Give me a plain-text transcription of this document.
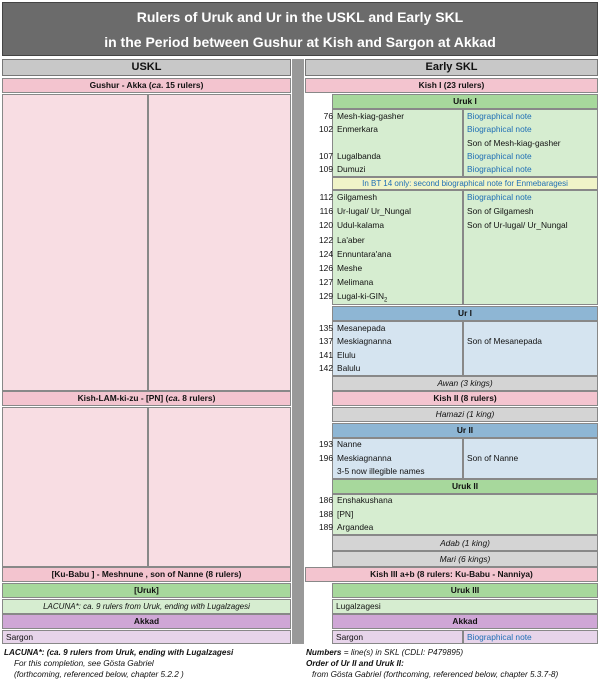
Rulers of Uruk and Ur in the USKL and Early SKL
in the Period between Gushur at Kish and Sargon at Akkad
USKL	Early SKL
Gushur - Akka (ca. 15 rulers)
Kish-LAM-ki-zu - [PN] (ca. 8 rulers)
[Ku-Babu ] - Meshnune , son of Nanne (8 rulers)
[Uruk]
LACUNA*: ca. 9 rulers from Uruk, ending with Lugalzagesi
Akkad
Sargon
Kish I (23 rulers)
Uruk I
76 Mesh-kiag-gasher	Biographical note
102 Enmerkara	Biographical note
Son of Mesh-kiag-gasher
107 Lugalbanda	Biographical note
109 Dumuzi	Biographical note
In BT 14 only: second biographical note for Enmebaragesi
112 Gilgamesh	Biographical note
116 Ur-lugal/ Ur_Nungal	Son of Gilgamesh
120 Udul-kalama	Son of Ur-lugal/ Ur_Nungal
122 La'aber
124 Ennuntara'ana
126 Meshe
127 Melimana
129 Lugal-$ki-GIN_2$
Ur I
135 Mesanepada
137 Meskiagnanna	Son of Mesanepada
141 Elulu
142 Balulu
Awan (3 kings)
Kish II (8 rulers)
Hamazi (1 king)
Ur II
193 Nanne
196 Meskiagnanna	Son of Nanne
3-5 now illegible names
Uruk II
186 Enshakushana
188 [PN]
189 Argandea
Adab (1 king)
Mari (6 kings)
Kish III a+b (8 rulers: Ku-Babu - Nanniya)
Uruk III
Lugalzagesi
Akkad
Sargon	Biographical note
LACUNA*: (ca. 9 rulers from Uruk, ending with Lugalzagesi
For this completion, see Gösta Gabriel
(forthcoming, referenced below, chapter 5.2.2 )
Numbers = line(s) in SKL (CDLI: P479895)
Order of Ur II and Uruk II:
from Gösta Gabriel (forthcoming, referenced below, chapter 5.3.7-8)
